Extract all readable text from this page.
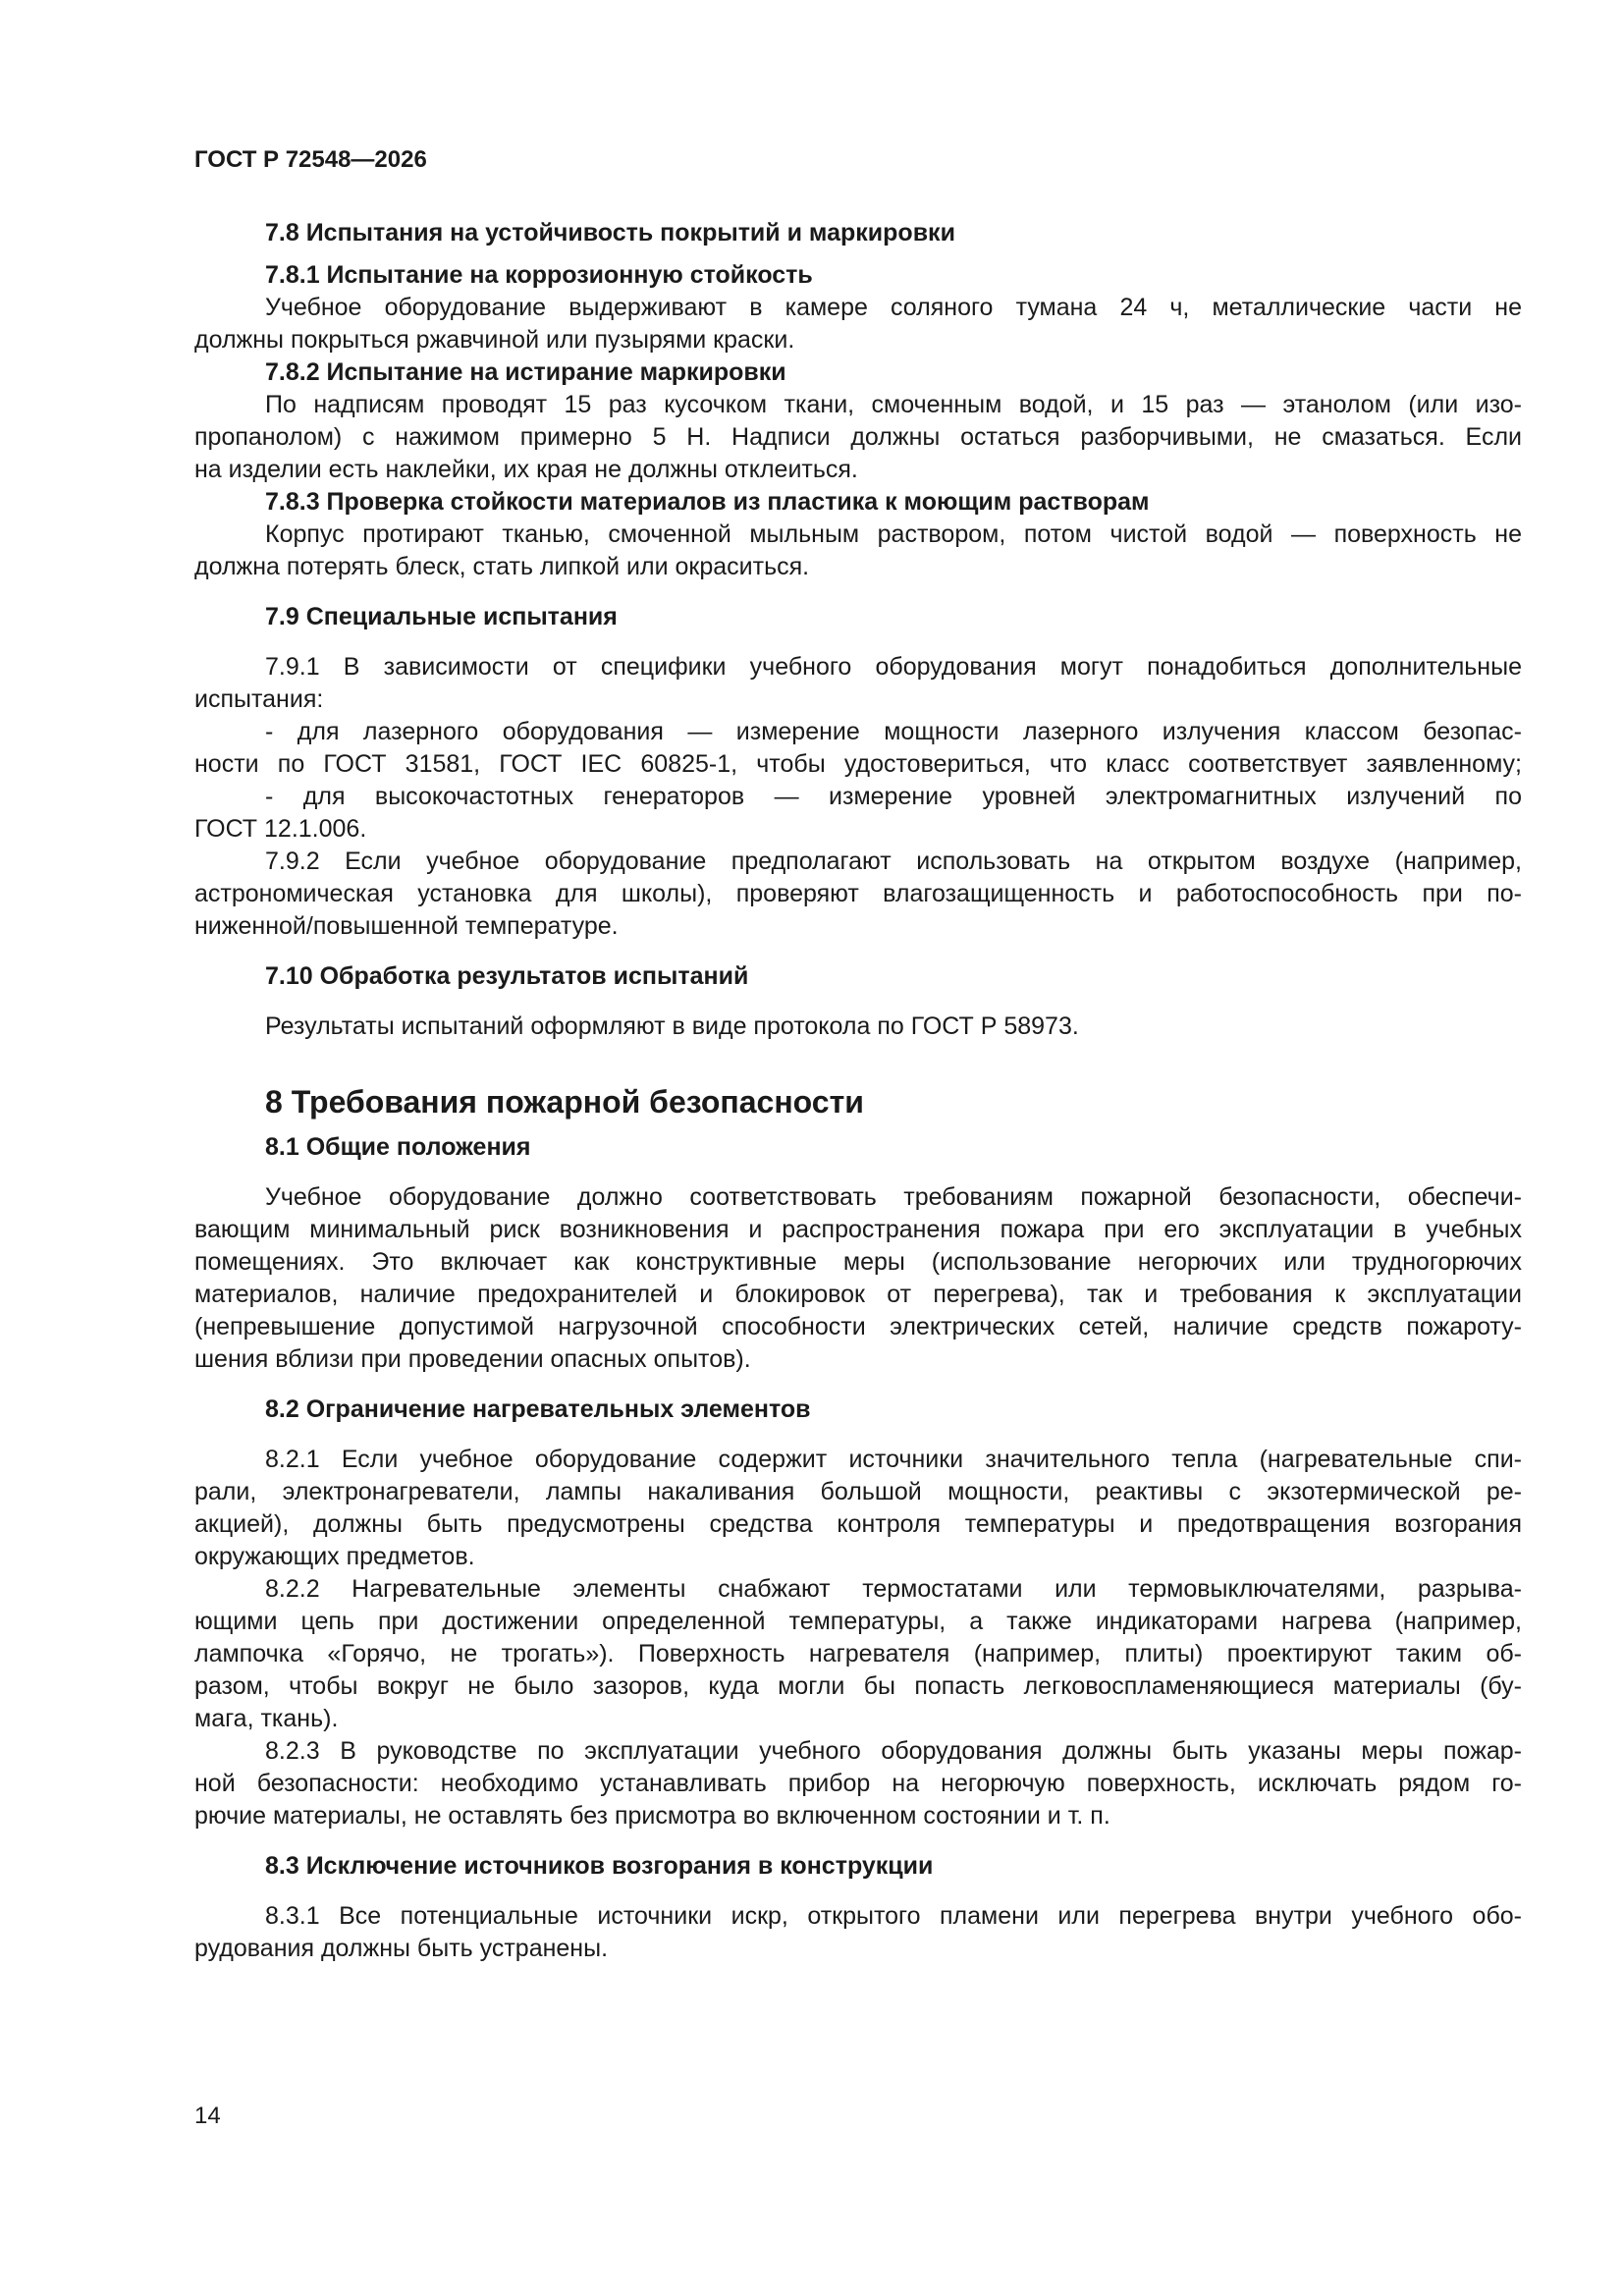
ГОСТ Р 72548—2026
7.8 Испытания на устойчивость покрытий и маркировки
7.8.1 Испытание на коррозионную стойкость

Учебное оборудование выдерживают в камере соляного тумана 24 ч, металлические части не

должны покрыться ржавчиной или пузырями краски.

7.8.2 Испытание на истирание маркировки

По надписям проводят 15 раз кусочком ткани, смоченным водой, и 15 раз — этанолом (или изо-

пропанолом) с нажимом примерно 5 Н. Надписи должны остаться разборчивыми, не смазаться. Если

на изделии есть наклейки, их края не должны отклеиться.

7.8.3 Проверка стойкости материалов из пластика к моющим растворам

Корпус протирают тканью, смоченной мыльным раствором, потом чистой водой — поверхность не

должна потерять блеск, стать липкой или окраситься.

7.9 Специальные испытания

7.9.1 В зависимости от специфики учебного оборудования могут понадобиться дополнительные

испытания:

- для лазерного оборудования — измерение мощности лазерного излучения классом безопас-

ности по ГОСТ 31581, ГОСТ IEC 60825-1, чтобы удостовериться, что класс соответствует заявленному;

- для высокочастотных генераторов — измерение уровней электромагнитных излучений по

ГОСТ 12.1.006.

7.9.2 Если учебное оборудование предполагают использовать на открытом воздухе (например,

астрономическая установка для школы), проверяют влагозащищенность и работоспособность при по-

ниженной/повышенной температуре.

7.10 Обработка результатов испытаний

Результаты испытаний оформляют в виде протокола по ГОСТ Р 58973.

8 Требования пожарной безопасности
8.1 Общие положения

Учебное оборудование должно соответствовать требованиям пожарной безопасности, обеспечи-

вающим минимальный риск возникновения и распространения пожара при его эксплуатации в учебных

помещениях. Это включает как конструктивные меры (использование негорючих или трудногорючих

материалов, наличие предохранителей и блокировок от перегрева), так и требования к эксплуатации

(непревышение допустимой нагрузочной способности электрических сетей, наличие средств пожароту-

шения вблизи при проведении опасных опытов).

8.2 Ограничение нагревательных элементов

8.2.1 Если учебное оборудование содержит источники значительного тепла (нагревательные спи-

рали, электронагреватели, лампы накаливания большой мощности, реактивы с экзотермической ре-

акцией), должны быть предусмотрены средства контроля температуры и предотвращения возгорания

окружающих предметов.

8.2.2 Нагревательные элементы снабжают термостатами или термовыключателями, разрыва-

ющими цепь при достижении определенной температуры, а также индикаторами нагрева (например,

лампочка «Горячо, не трогать»). Поверхность нагревателя (например, плиты) проектируют таким об-

разом, чтобы вокруг не было зазоров, куда могли бы попасть легковоспламеняющиеся материалы (бу-

мага, ткань).

8.2.3 В руководстве по эксплуатации учебного оборудования должны быть указаны меры пожар-

ной безопасности: необходимо устанавливать прибор на негорючую поверхность, исключать рядом го-

рючие материалы, не оставлять без присмотра во включенном состоянии и т. п.

8.3 Исключение источников возгорания в конструкции

8.3.1 Все потенциальные источники искр, открытого пламени или перегрева внутри учебного обо-

рудования должны быть устранены.

14
